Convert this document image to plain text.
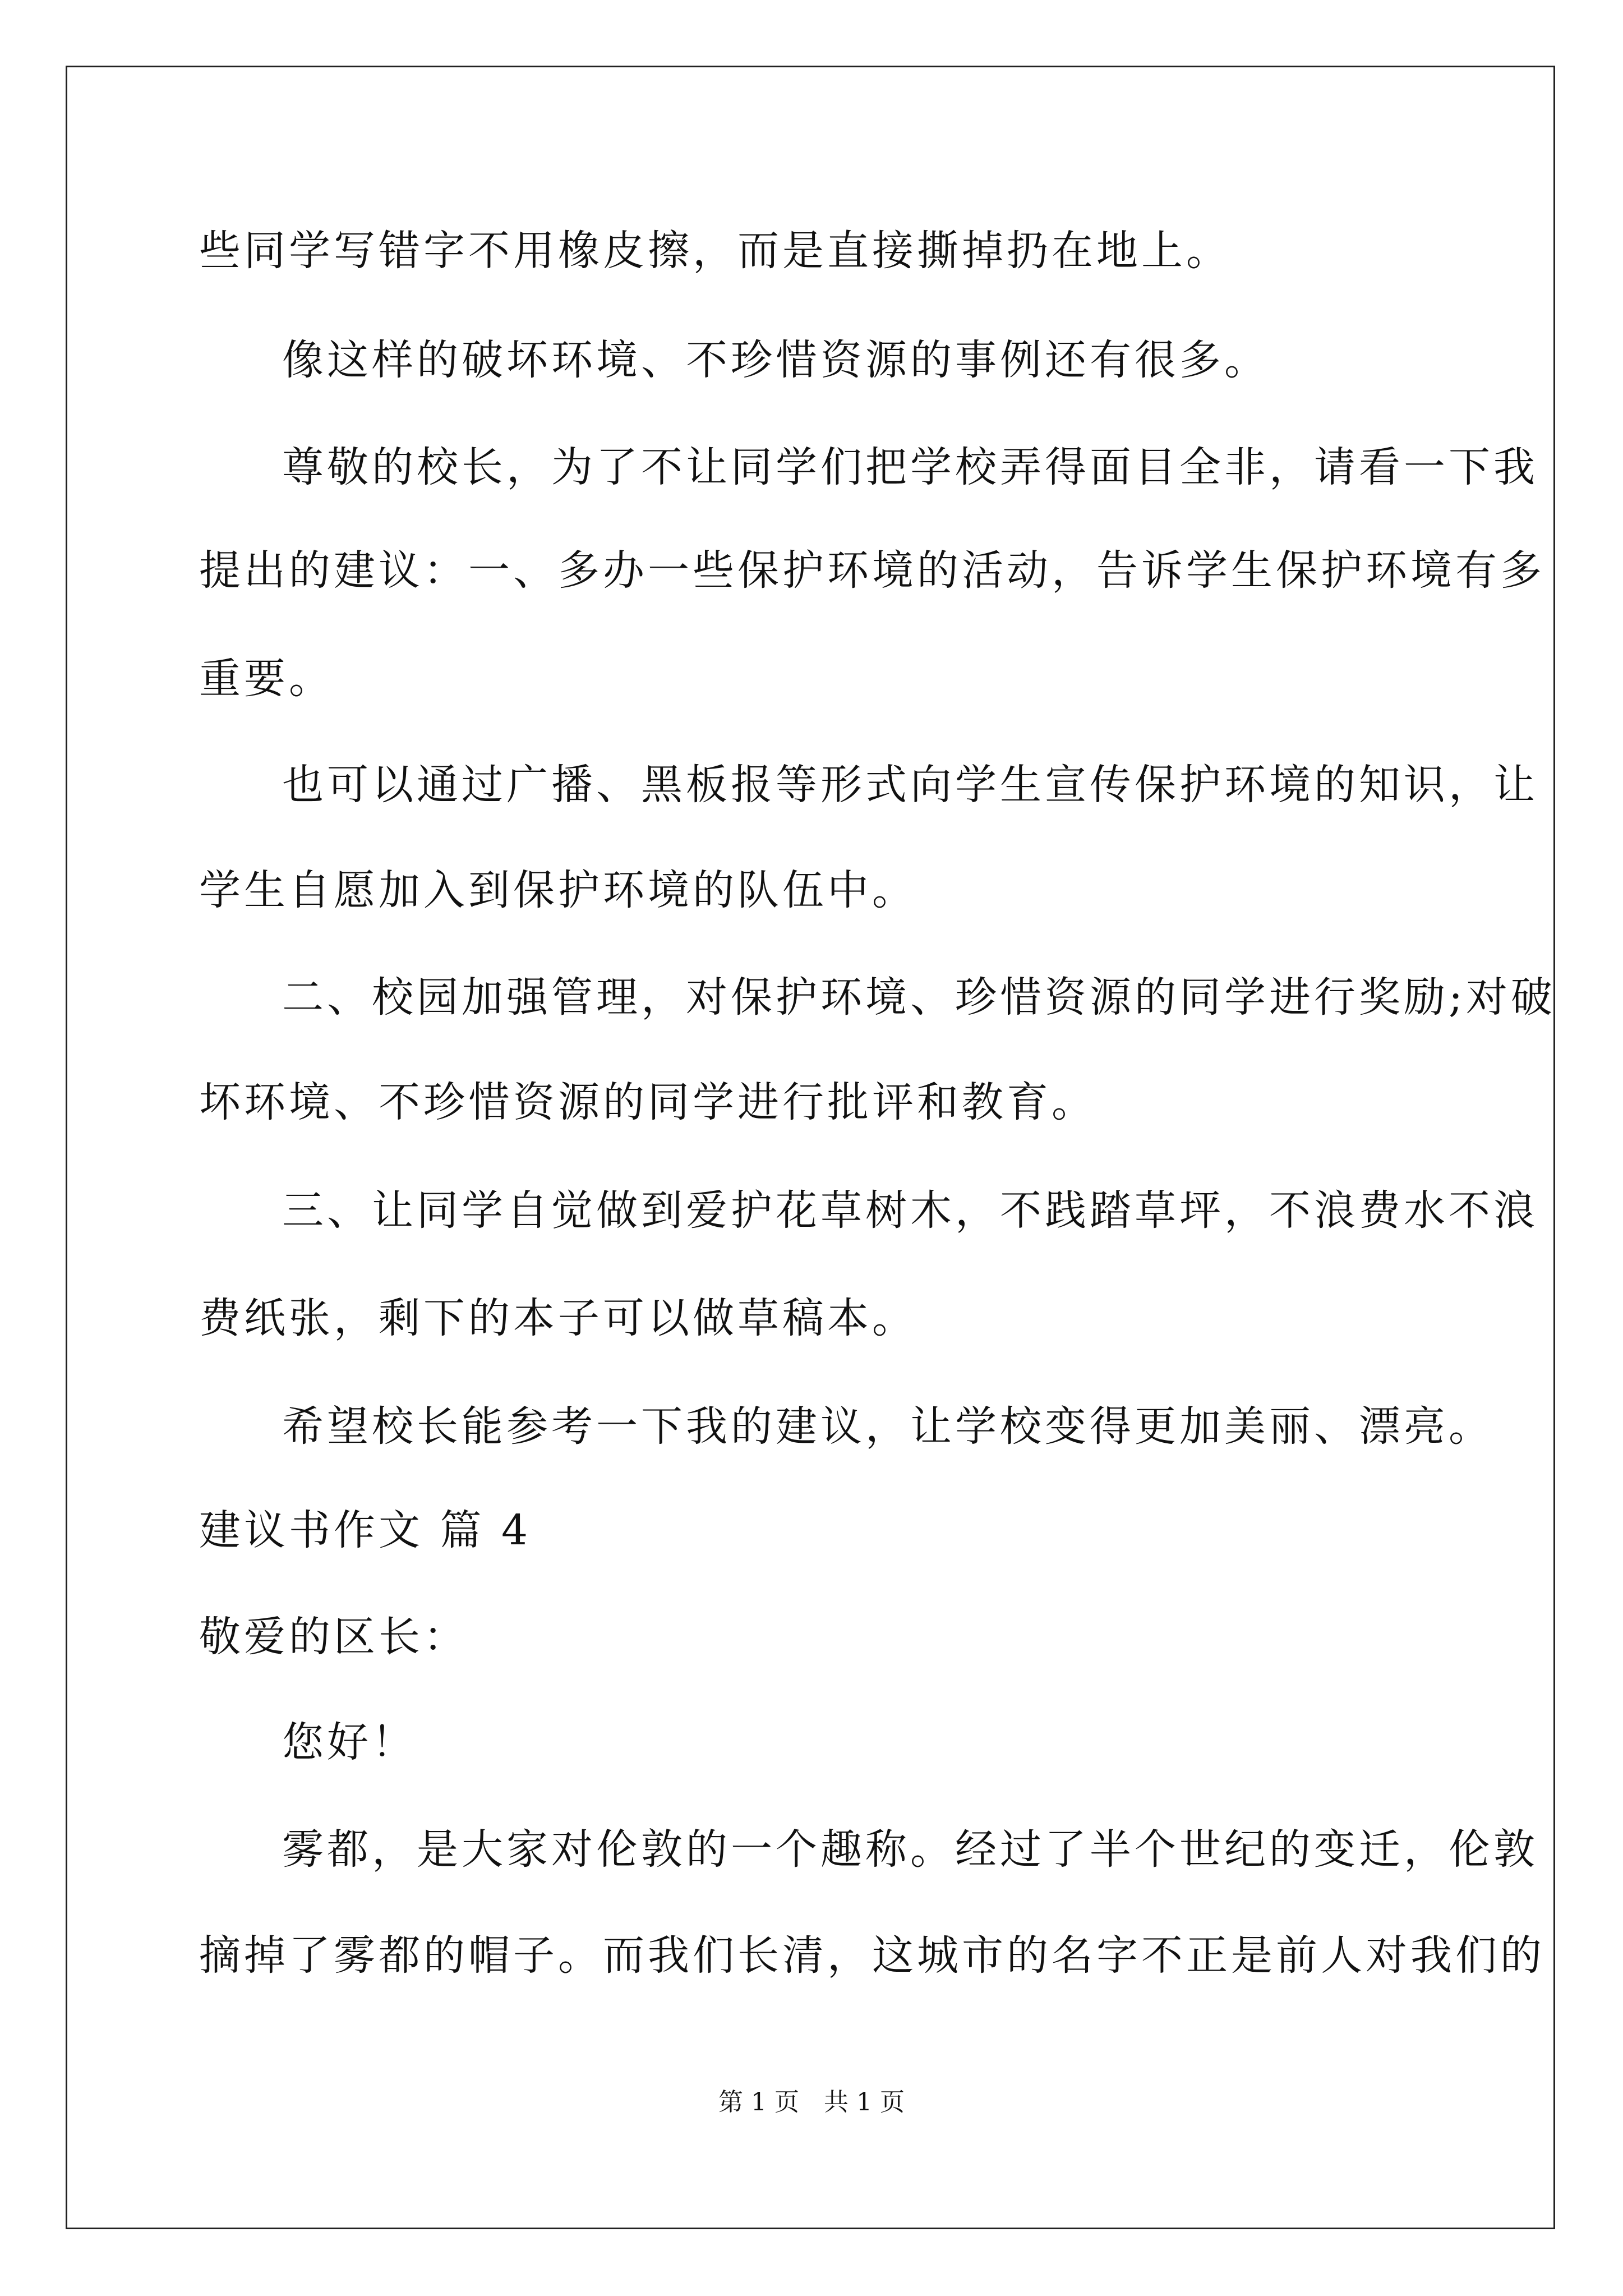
些同学写错字不用橡皮擦，而是直接撕掉扔在地上。
像这样的破坏环境、不珍惜资源的事例还有很多。
尊敬的校长，为了不让同学们把学校弄得面目全非，请看一下我
提出的建议：一、多办一些保护环境的活动，告诉学生保护环境有多
重要。
也可以通过广播、黑板报等形式向学生宣传保护环境的知识，让
学生自愿加入到保护环境的队伍中。
二、校园加强管理，对保护环境、珍惜资源的同学进行奖励;对破
坏环境、不珍惜资源的同学进行批评和教育。
三、让同学自觉做到爱护花草树木，不践踏草坪，不浪费水不浪
费纸张，剩下的本子可以做草稿本。
希望校长能参考一下我的建议，让学校变得更加美丽、漂亮。
建议书作文 篇 4
敬爱的区长：
您好！
雾都，是大家对伦敦的一个趣称。经过了半个世纪的变迁，伦敦
摘掉了雾都的帽子。而我们长清，这城市的名字不正是前人对我们的
第 1 页　共 1 页
